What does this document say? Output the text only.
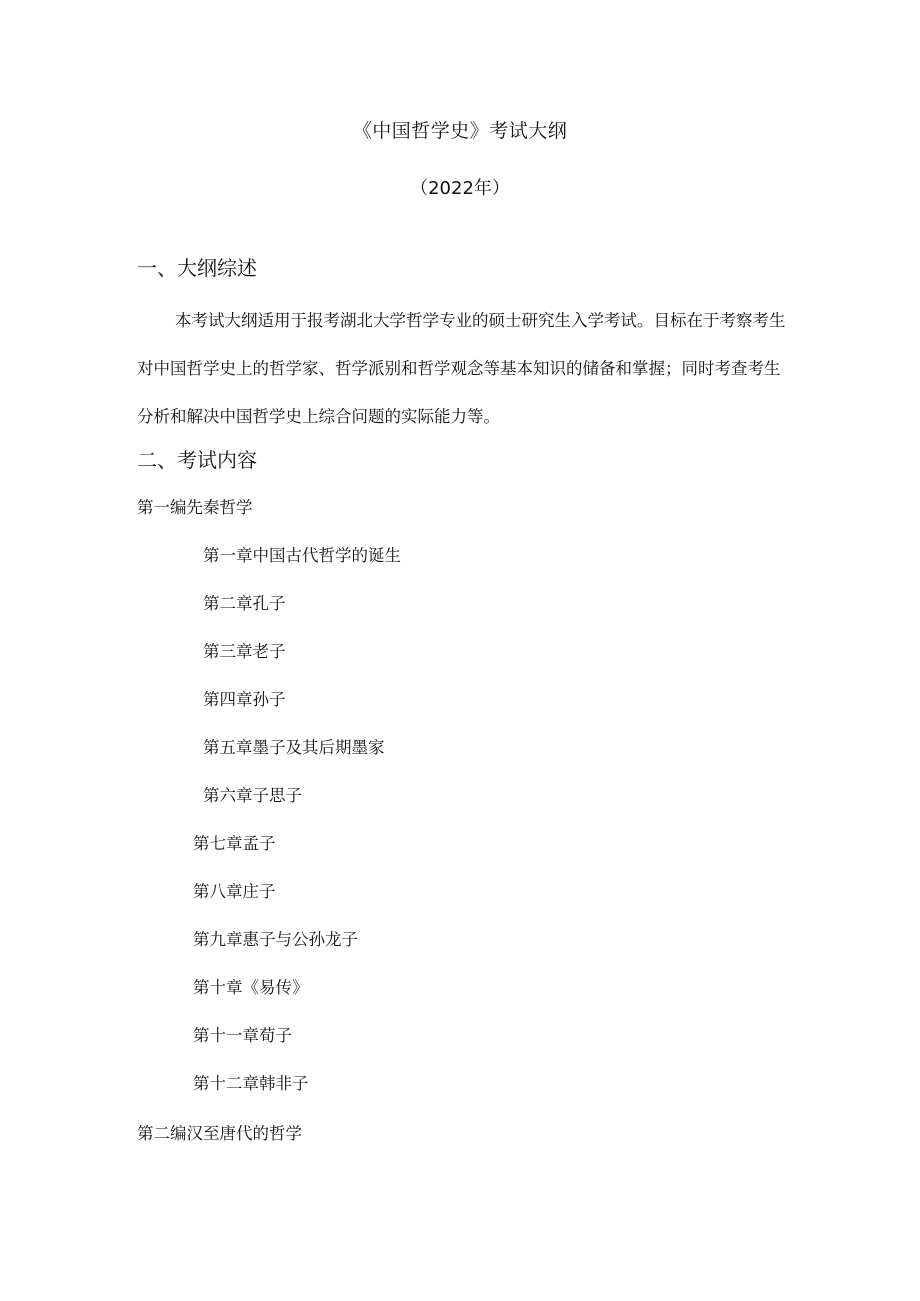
《中国哲学史》考试大纲
（2022年）
一、大纲综述
本考试大纲适用于报考湖北大学哲学专业的硕士研究生入学考试。目标在于考察考生对中国哲学史上的哲学家、哲学派别和哲学观念等基本知识的储备和掌握；同时考查考生分析和解决中国哲学史上综合问题的实际能力等。
二、考试内容
第一编先秦哲学
第一章中国古代哲学的诞生
第二章孔子
第三章老子
第四章孙子
第五章墨子及其后期墨家
第六章子思子
第七章孟子
第八章庄子
第九章惠子与公孙龙子
第十章《易传》
第十一章荀子
第十二章韩非子
第二编汉至唐代的哲学
